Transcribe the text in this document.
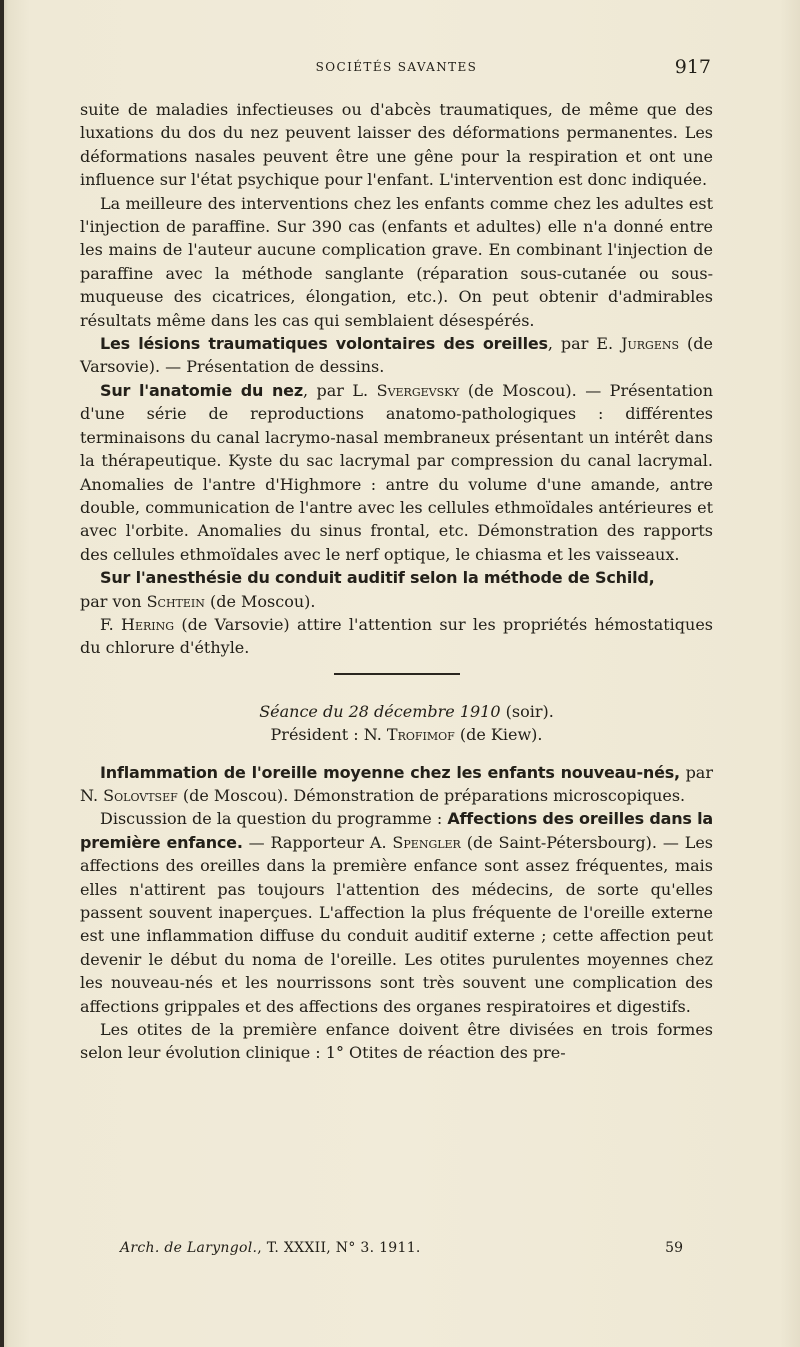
SOCIÉTÉS SAVANTES	917

suite de maladies infectieuses ou d'abcès traumatiques, de même que des luxations du dos du nez peuvent laisser des déformations permanentes. Les déformations nasales peuvent être une gêne pour la respiration et ont une influence sur l'état psychique pour l'enfant. L'intervention est donc indiquée.

La meilleure des interventions chez les enfants comme chez les adultes est l'injection de paraffine. Sur 390 cas (enfants et adultes) elle n'a donné entre les mains de l'auteur aucune complication grave. En combinant l'injection de paraffine avec la méthode sanglante (réparation sous-cutanée ou sous-muqueuse des cicatrices, élongation, etc.). On peut obtenir d'admirables résultats même dans les cas qui semblaient désespérés.

Les lésions traumatiques volontaires des oreilles, par E. Jurgens (de Varsovie). — Présentation de dessins.

Sur l'anatomie du nez, par L. Svergevsky (de Moscou). — Présentation d'une série de reproductions anatomo-pathologiques : différentes terminaisons du canal lacrymo-nasal membraneux présentant un intérêt dans la thérapeutique. Kyste du sac lacrymal par compression du canal lacrymal. Anomalies de l'antre d'Highmore : antre du volume d'une amande, antre double, communication de l'antre avec les cellules ethmoïdales antérieures et avec l'orbite. Anomalies du sinus frontal, etc. Démonstration des rapports des cellules ethmoïdales avec le nerf optique, le chiasma et les vaisseaux.

Sur l'anesthésie du conduit auditif selon la méthode de Schild,
par von Schtein (de Moscou).

F. Hering (de Varsovie) attire l'attention sur les propriétés hémostatiques du chlorure d'éthyle.

Séance du 28 décembre 1910 (soir).

Président : N. Trofimof (de Kiew).

Inflammation de l'oreille moyenne chez les enfants nouveau-nés, par N. Solovtsef (de Moscou). Démonstration de préparations microscopiques.

Discussion de la question du programme : Affections des oreilles dans la première enfance. — Rapporteur A. Spengler (de Saint-Pétersbourg). — Les affections des oreilles dans la première enfance sont assez fréquentes, mais elles n'attirent pas toujours l'attention des médecins, de sorte qu'elles passent souvent inaperçues. L'affection la plus fréquente de l'oreille externe est une inflammation diffuse du conduit auditif externe ; cette affection peut devenir le début du noma de l'oreille. Les otites purulentes moyennes chez les nouveau-nés et les nourrissons sont très souvent une complication des affections grippales et des affections des organes respiratoires et digestifs.

Les otites de la première enfance doivent être divisées en trois formes selon leur évolution clinique : 1° Otites de réaction des pre-

Arch. de Laryngol., T. XXXII, N° 3. 1911.	59
